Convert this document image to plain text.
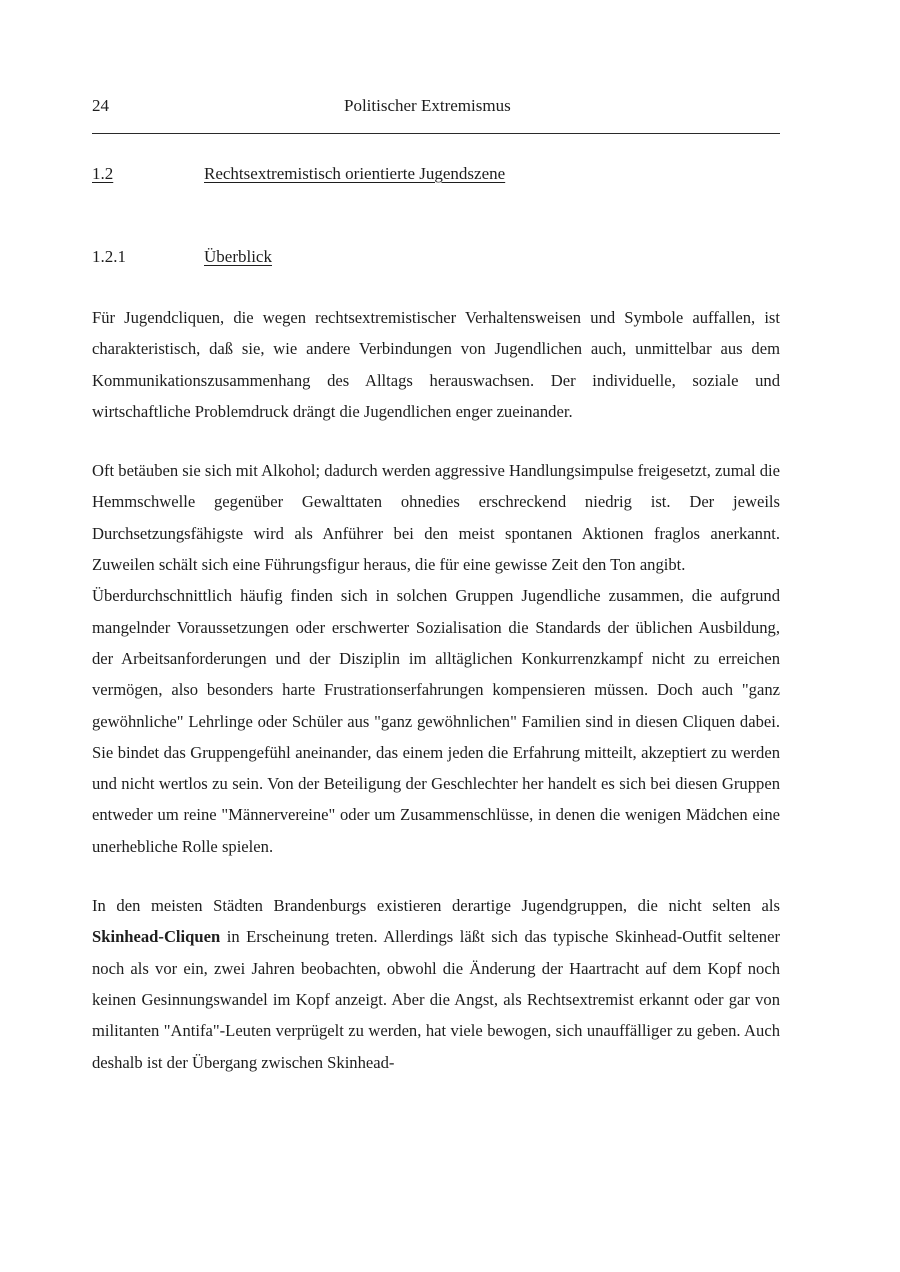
24	Politischer Extremismus
1.2	Rechtsextremistisch orientierte Jugendszene
1.2.1	Überblick

Für Jugendcliquen, die wegen rechtsextremistischer Verhaltensweisen und Symbole auffallen, ist charakteristisch, daß sie, wie andere Verbindungen von Jugendlichen auch, unmittelbar aus dem Kommunikationszusammenhang des Alltags herauswachsen. Der individuelle, soziale und wirtschaftliche Problemdruck drängt die Jugendlichen enger zueinander.

Oft betäuben sie sich mit Alkohol; dadurch werden aggressive Handlungsimpulse freigesetzt, zumal die Hemmschwelle gegenüber Gewalttaten ohnedies erschreckend niedrig ist. Der jeweils Durchsetzungsfähigste wird als Anführer bei den meist spontanen Aktionen fraglos anerkannt. Zuweilen schält sich eine Führungsfigur heraus, die für eine gewisse Zeit den Ton angibt.

Überdurchschnittlich häufig finden sich in solchen Gruppen Jugendliche zusammen, die aufgrund mangelnder Voraussetzungen oder erschwerter Sozialisation die Standards der üblichen Ausbildung, der Arbeitsanforderungen und der Disziplin im alltäglichen Konkurrenzkampf nicht zu erreichen vermögen, also besonders harte Frustrationserfahrungen kompensieren müssen. Doch auch "ganz gewöhnliche" Lehrlinge oder Schüler aus "ganz gewöhnlichen" Familien sind in diesen Cliquen dabei. Sie bindet das Gruppengefühl aneinander, das einem jeden die Erfahrung mitteilt, akzeptiert zu werden und nicht wertlos zu sein. Von der Beteiligung der Geschlechter her handelt es sich bei diesen Gruppen entweder um reine "Männervereine" oder um Zusammenschlüsse, in denen die wenigen Mädchen eine unerhebliche Rolle spielen.

In den meisten Städten Brandenburgs existieren derartige Jugendgruppen, die nicht selten als Skinhead-Cliquen in Erscheinung treten. Allerdings läßt sich das typische Skinhead-Outfit seltener noch als vor ein, zwei Jahren beobachten, obwohl die Änderung der Haartracht auf dem Kopf noch keinen Gesinnungswandel im Kopf anzeigt. Aber die Angst, als Rechtsextremist erkannt oder gar von militanten "Antifa"-Leuten verprügelt zu werden, hat viele bewogen, sich unauffälliger zu geben. Auch deshalb ist der Übergang zwischen Skinhead-
